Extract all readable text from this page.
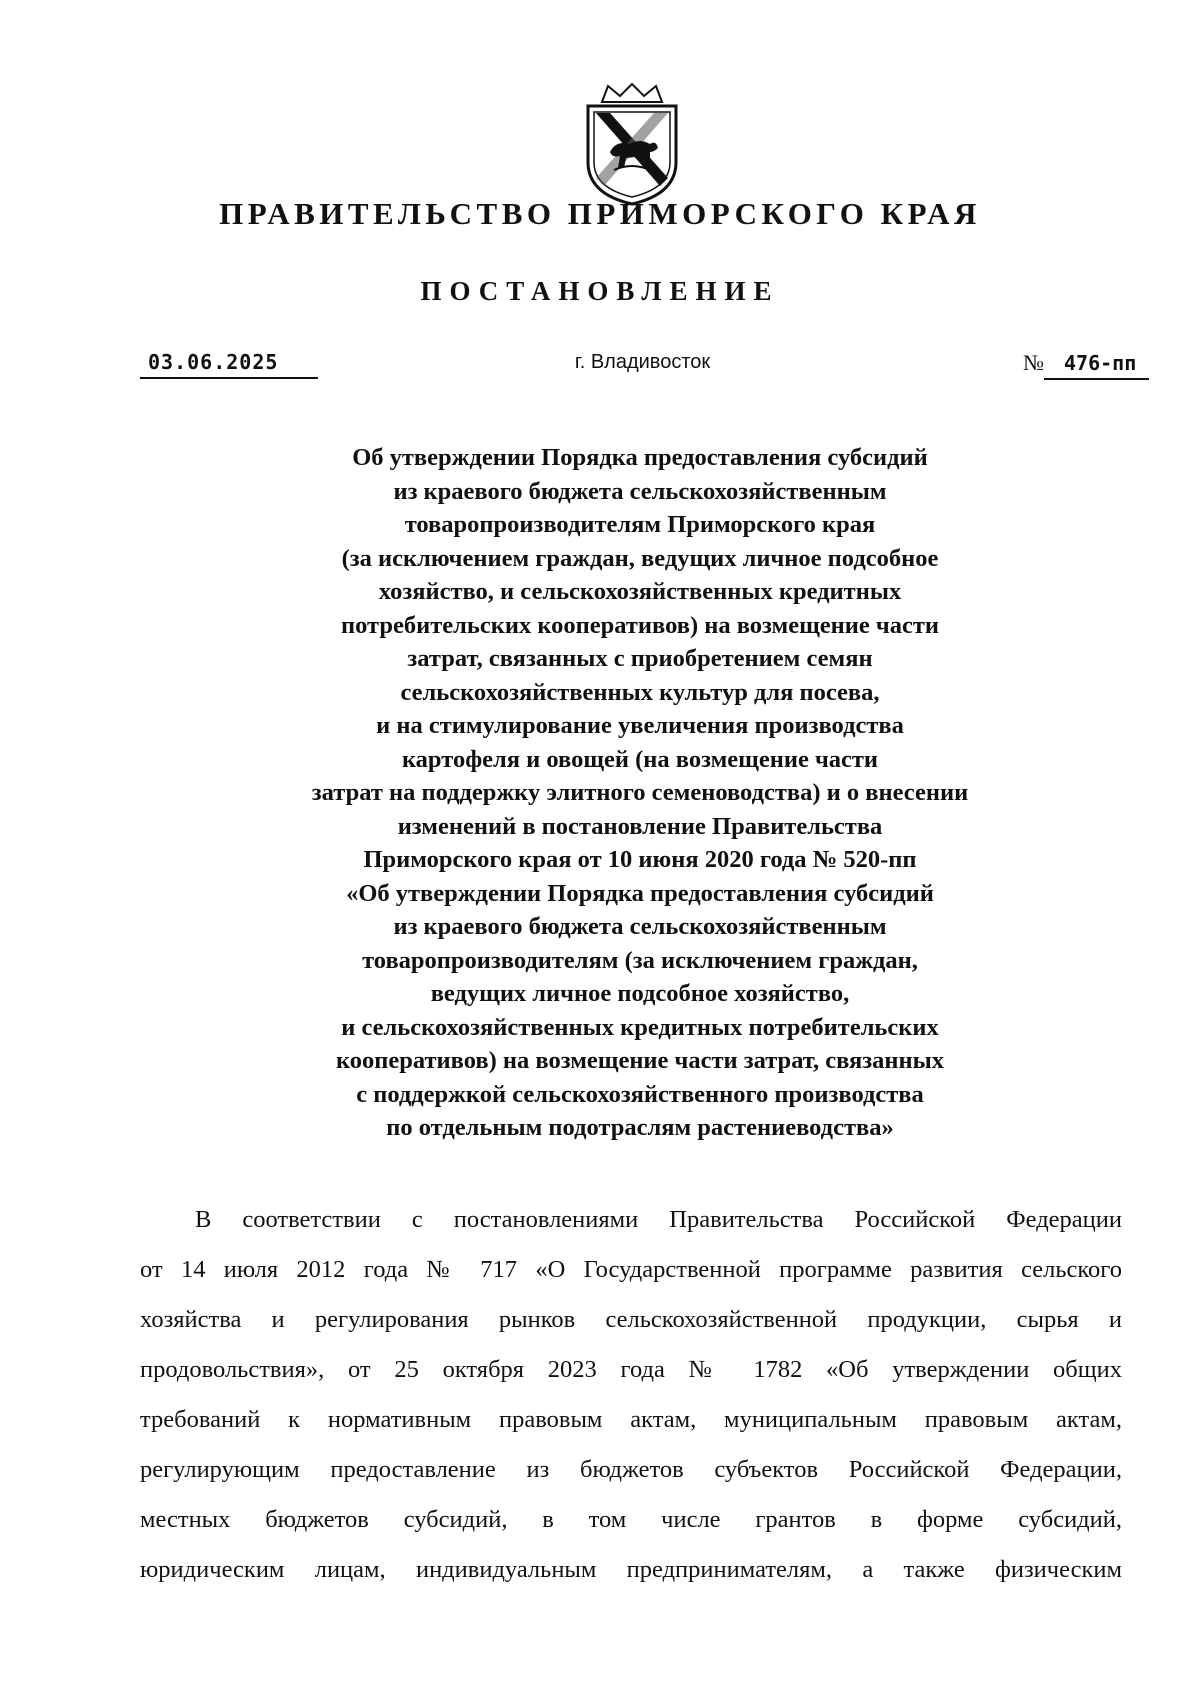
ПРАВИТЕЛЬСТВО ПРИМОРСКОГО КРАЯ
ПОСТАНОВЛЕНИЕ
03.06.2025	г. Владивосток	№ 476-пп
Об утверждении Порядка предоставления субсидий
из краевого бюджета сельскохозяйственным
товаропроизводителям Приморского края
(за исключением граждан, ведущих личное подсобное
хозяйство, и сельскохозяйственных кредитных
потребительских кооперативов) на возмещение части
затрат, связанных с приобретением семян
сельскохозяйственных культур для посева,
и на стимулирование увеличения производства
картофеля и овощей (на возмещение части
затрат на поддержку элитного семеноводства) и о внесении
изменений в постановление Правительства
Приморского края от 10 июня 2020 года № 520-пп
«Об утверждении Порядка предоставления субсидий
из краевого бюджета сельскохозяйственным
товаропроизводителям (за исключением граждан,
ведущих личное подсобное хозяйство,
и сельскохозяйственных кредитных потребительских
кооперативов) на возмещение части затрат, связанных
с поддержкой сельскохозяйственного производства
по отдельным подотраслям растениеводства»
В соответствии с постановлениями Правительства Российской Федерации
от 14 июля 2012 года № 717 «О Государственной программе развития сельского
хозяйства и регулирования рынков сельскохозяйственной продукции, сырья и
продовольствия», от 25 октября 2023 года № 1782 «Об утверждении общих
требований к нормативным правовым актам, муниципальным правовым актам,
регулирующим предоставление из бюджетов субъектов Российской Федерации,
местных бюджетов субсидий, в том числе грантов в форме субсидий,
юридическим лицам, индивидуальным предпринимателям, а также физическим
